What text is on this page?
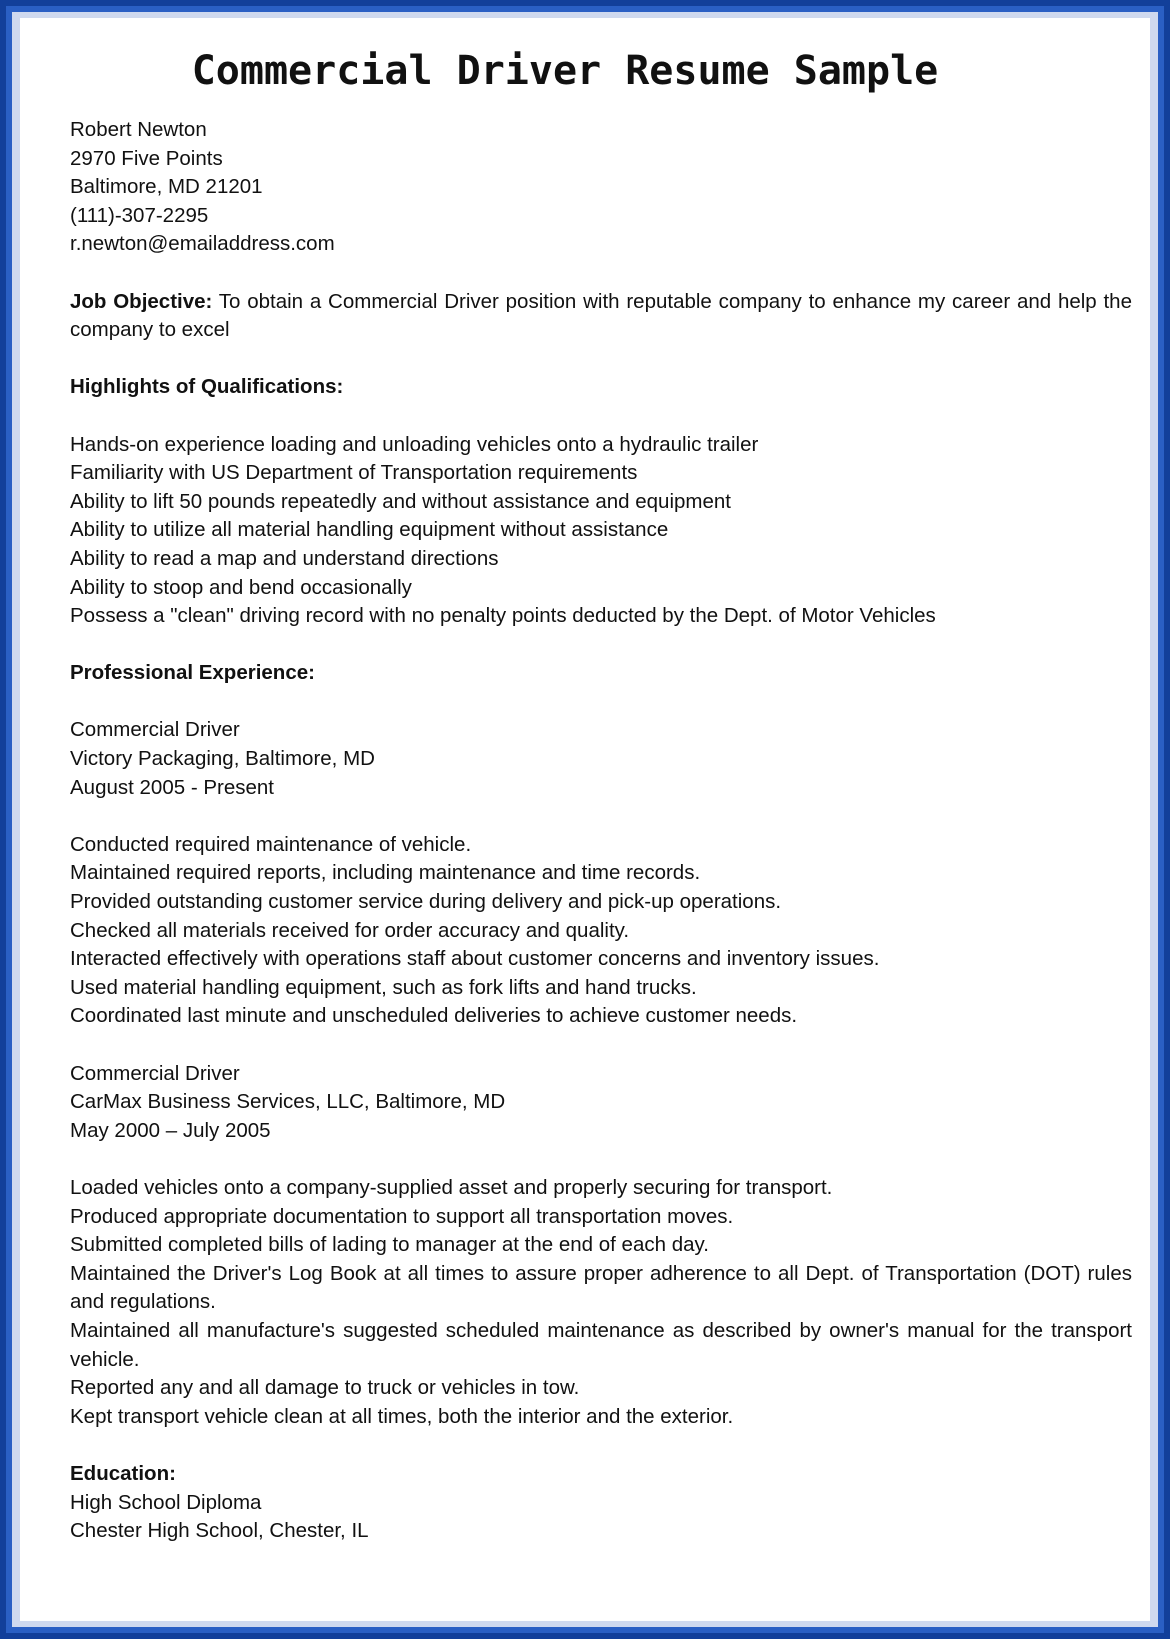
Commercial Driver Resume Sample
Robert Newton
2970 Five Points
Baltimore, MD 21201
(111)-307-2295
r.newton@emailaddress.com
Job Objective: To obtain a Commercial Driver position with reputable company to enhance my career and help the company to excel
Highlights of Qualifications:
Hands-on experience loading and unloading vehicles onto a hydraulic trailer
Familiarity with US Department of Transportation requirements
Ability to lift 50 pounds repeatedly and without assistance and equipment
Ability to utilize all material handling equipment without assistance
Ability to read a map and understand directions
Ability to stoop and bend occasionally
Possess a "clean" driving record with no penalty points deducted by the Dept. of Motor Vehicles
Professional Experience:
Commercial Driver
Victory Packaging, Baltimore, MD
August 2005 - Present
Conducted required maintenance of vehicle.
Maintained required reports, including maintenance and time records.
Provided outstanding customer service during delivery and pick-up operations.
Checked all materials received for order accuracy and quality.
Interacted effectively with operations staff about customer concerns and inventory issues.
Used material handling equipment, such as fork lifts and hand trucks.
Coordinated last minute and unscheduled deliveries to achieve customer needs.
Commercial Driver
CarMax Business Services, LLC, Baltimore, MD
May 2000 – July 2005
Loaded vehicles onto a company-supplied asset and properly securing for transport.
Produced appropriate documentation to support all transportation moves.
Submitted completed bills of lading to manager at the end of each day.
Maintained the Driver's Log Book at all times to assure proper adherence to all Dept. of Transportation (DOT) rules and regulations.
Maintained all manufacture's suggested scheduled maintenance as described by owner's manual for the transport vehicle.
Reported any and all damage to truck or vehicles in tow.
Kept transport vehicle clean at all times, both the interior and the exterior.
Education:
High School Diploma
Chester High School, Chester, IL
